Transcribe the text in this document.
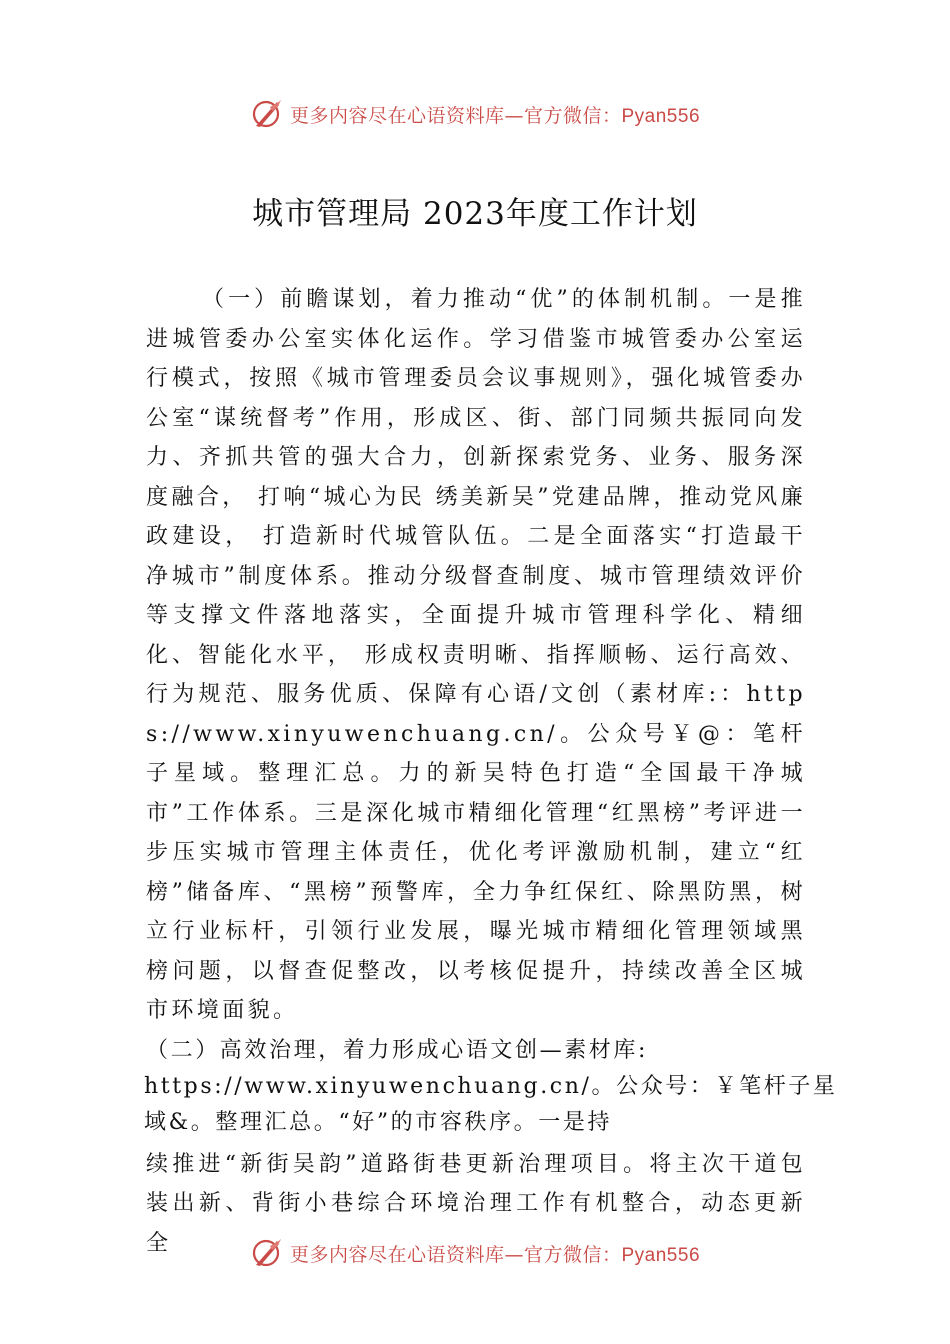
更多内容尽在心语资料库—官方微信：Pyan556
城市管理局 2023年度工作计划

（一）前瞻谋划，着力推动“优”的体制机制。一是推进城管委办公室实体化运作。学习借鉴市城管委办公室运行模式，按照《城市管理委员会议事规则》，强化城管委办公室“谋统督考”作用，形成区、街、部门同频共振同向发力、齐抓共管的强大合力，创新探索党务、业务、服务深度融合， 打响“城心为民 绣美新吴”党建品牌，推动党风廉政建设， 打造新时代城管队伍。二是全面落实“打造最干净城市”制度体系。推动分级督查制度、城市管理绩效评价等支撑文件落地落实，全面提升城市管理科学化、精细化、智能化水平， 形成权责明晰、指挥顺畅、运行高效、行为规范、服务优质、保障有心语/文创（素材库:：https://www.xinyuwenchuang.cn/。公众号￥@：笔杆子星域。整理汇总。力的新吴特色打造“全国最干净城市”工作体系。三是深化城市精细化管理“红黑榜”考评进一步压实城市管理主体责任，优化考评激励机制，建立“红榜”储备库、“黑榜”预警库，全力争红保红、除黑防黑，树立行业标杆，引领行业发展，曝光城市精细化管理领域黑榜问题，以督查促整改，以考核促提升，持续改善全区城市环境面貌。

（二）高效治理，着力形成心语文创—素材库:

https://www.xinyuwenchuang.cn/。公众号：￥笔杆子星域&。整理汇总。“好”的市容秩序。一是持

续推进“新街吴韵”道路街巷更新治理项目。将主次干道包装出新、背街小巷综合环境治理工作有机整合，动态更新全	更多内容尽在心语资料库—官方微信：Pyan556
